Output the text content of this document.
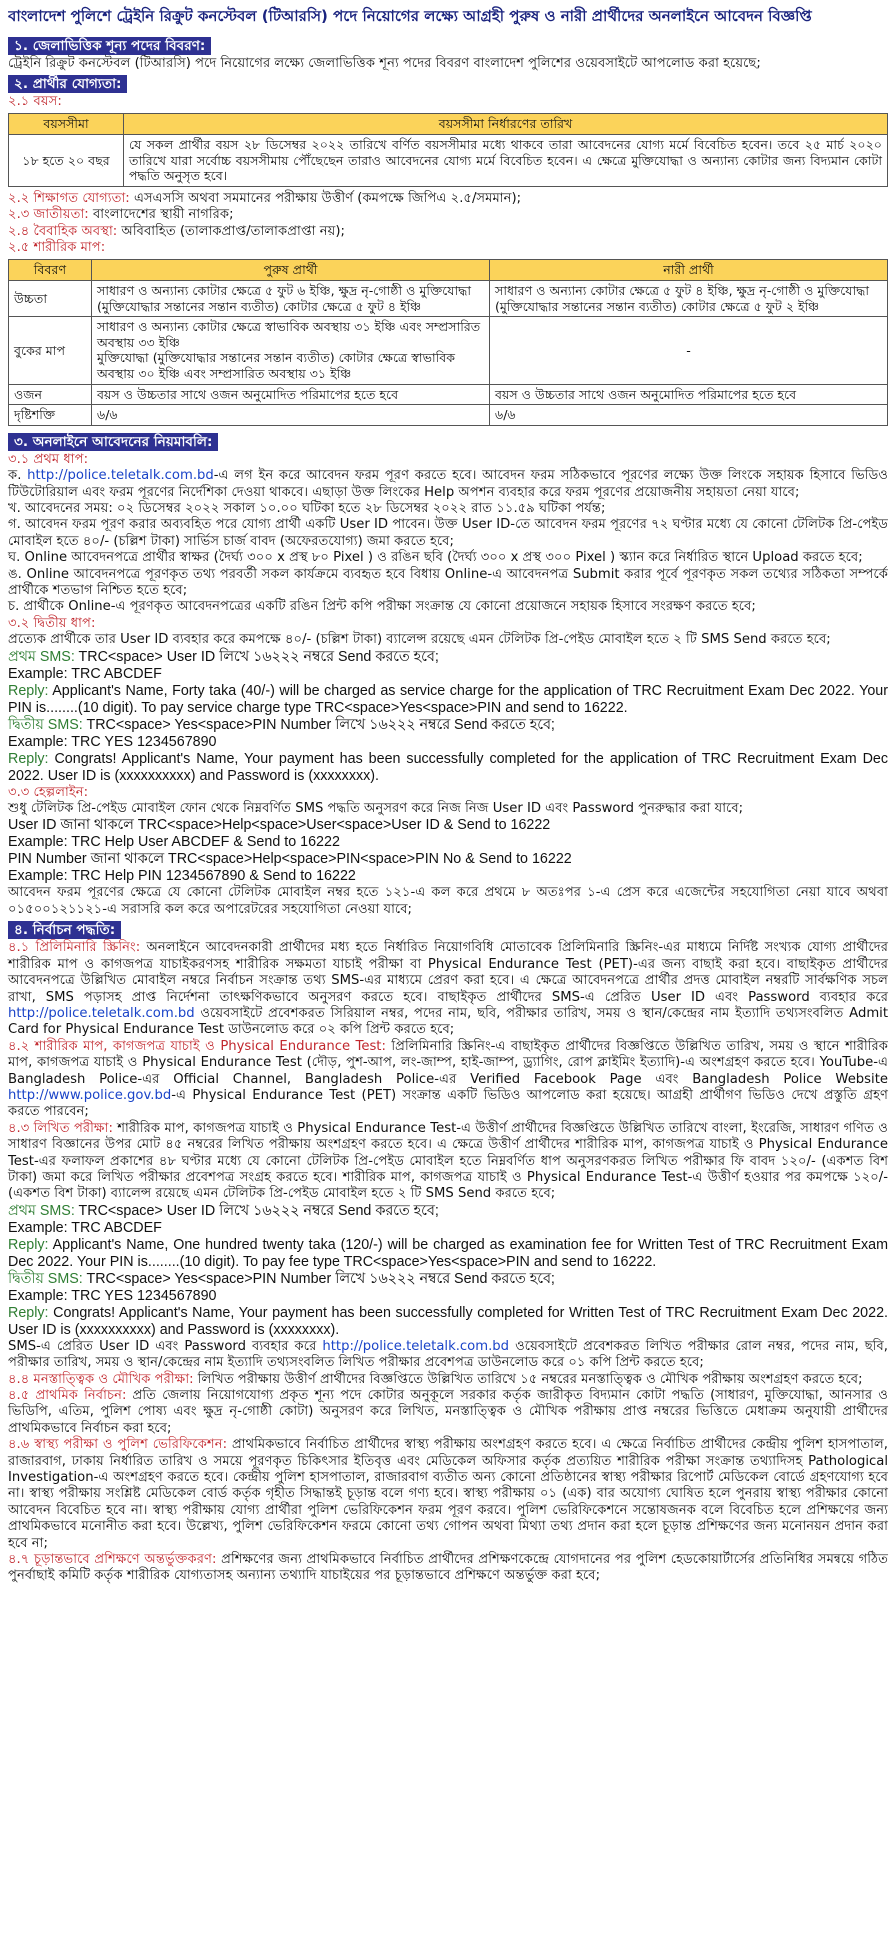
বাংলাদেশ পুলিশে ট্রেইনি রিক্রুট কনস্টেবল (টিআরসি) পদে নিয়োগের লক্ষ্যে আগ্রহী পুরুষ ও নারী প্রার্থীদের অনলাইনে আবেদন বিজ্ঞপ্তি
১. জেলাভিত্তিক শূন্য পদের বিবরণ:

ট্রেইনি রিক্রুট কনস্টেবল (টিআরসি) পদে নিয়োগের লক্ষ্যে জেলাভিত্তিক শূন্য পদের বিবরণ বাংলাদেশ পুলিশের ওয়েবসাইটে আপলোড করা হয়েছে;

২. প্রার্থীর যোগ্যতা:

২.১ বয়স:

বয়সসীমা	বয়সসীমা নির্ধারণের তারিখ
১৮ হতে ২০ বছর	যে সকল প্রার্থীর বয়স ২৮ ডিসেম্বর ২০২২ তারিখে বর্ণিত বয়সসীমার মধ্যে থাকবে তারা আবেদনের যোগ্য মর্মে বিবেচিত হবেন। তবে ২৫ মার্চ ২০২০ তারিখে যারা সর্বোচ্চ বয়সসীমায় পৌঁছেছেন তারাও আবেদনের যোগ্য মর্মে বিবেচিত হবেন। এ ক্ষেত্রে মুক্তিযোদ্ধা ও অন্যান্য কোটার জন্য বিদ্যমান কোটা পদ্ধতি অনুসৃত হবে।

২.২ শিক্ষাগত যোগ্যতা: এসএসসি অথবা সমমানের পরীক্ষায় উত্তীর্ণ (কমপক্ষে জিপিএ ২.৫/সমমান);

২.৩ জাতীয়তা: বাংলাদেশের স্থায়ী নাগরিক;

২.৪ বৈবাহিক অবস্থা: অবিবাহিত (তালাকপ্রাপ্ত/তালাকপ্রাপ্তা নয়);

২.৫ শারীরিক মাপ:

বিবরণ	পুরুষ প্রার্থী	নারী প্রার্থী
উচ্চতা	সাধারণ ও অন্যান্য কোটার ক্ষেত্রে ৫ ফুট ৬ ইঞ্চি, ক্ষুদ্র নৃ-গোষ্ঠী ও মুক্তিযোদ্ধা (মুক্তিযোদ্ধার সন্তানের সন্তান ব্যতীত) কোটার ক্ষেত্রে ৫ ফুট ৪ ইঞ্চি	সাধারণ ও অন্যান্য কোটার ক্ষেত্রে ৫ ফুট ৪ ইঞ্চি, ক্ষুদ্র নৃ-গোষ্ঠী ও মুক্তিযোদ্ধা (মুক্তিযোদ্ধার সন্তানের সন্তান ব্যতীত) কোটার ক্ষেত্রে ৫ ফুট ২ ইঞ্চি
বুকের মাপ	সাধারণ ও অন্যান্য কোটার ক্ষেত্রে স্বাভাবিক অবস্থায় ৩১ ইঞ্চি এবং সম্প্রসারিত অবস্থায় ৩৩ ইঞ্চি
মুক্তিযোদ্ধা (মুক্তিযোদ্ধার সন্তানের সন্তান ব্যতীত) কোটার ক্ষেত্রে স্বাভাবিক অবস্থায় ৩০ ইঞ্চি এবং সম্প্রসারিত অবস্থায় ৩১ ইঞ্চি	-
ওজন	বয়স ও উচ্চতার সাথে ওজন অনুমোদিত পরিমাপের হতে হবে	বয়স ও উচ্চতার সাথে ওজন অনুমোদিত পরিমাপের হতে হবে
দৃষ্টিশক্তি	৬/৬	৬/৬
৩. অনলাইনে আবেদনের নিয়মাবলি:

৩.১ প্রথম ধাপ:

ক. http://police.teletalk.com.bd-এ লগ ইন করে আবেদন ফরম পূরণ করতে হবে। আবেদন ফরম সঠিকভাবে পূরণের লক্ষ্যে উক্ত লিংকে সহায়ক হিসাবে ভিডিও টিউটোরিয়াল এবং ফরম পূরণের নির্দেশিকা দেওয়া থাকবে। এছাড়া উক্ত লিংকের Help অপশন ব্যবহার করে ফরম পূরণের প্রয়োজনীয় সহায়তা নেয়া যাবে;

খ. আবেদনের সময়: ০২ ডিসেম্বর ২০২২ সকাল ১০.০০ ঘটিকা হতে ২৮ ডিসেম্বর ২০২২ রাত ১১.৫৯ ঘটিকা পর্যন্ত;

গ. আবেদন ফরম পূরণ করার অব্যবহিত পরে যোগ্য প্রার্থী একটি User ID পাবেন। উক্ত User ID-তে আবেদন ফরম পূরণের ৭২ ঘণ্টার মধ্যে যে কোনো টেলিটক প্রি-পেইড মোবাইল হতে ৪০/- (চল্লিশ টাকা) সার্ভিস চার্জ বাবদ (অফেরতযোগ্য) জমা করতে হবে;

ঘ. Online আবেদনপত্রে প্রার্থীর স্বাক্ষর (দৈর্ঘ্য ৩০০ x প্রস্থ ৮০ Pixel ) ও রঙিন ছবি (দৈর্ঘ্য ৩০০ x প্রস্থ ৩০০ Pixel ) স্ক্যান করে নির্ধারিত স্থানে Upload করতে হবে;

ঙ. Online আবেদনপত্রে পূরণকৃত তথ্য পরবর্তী সকল কার্যক্রমে ব্যবহৃত হবে বিধায় Online-এ আবেদনপত্র Submit করার পূর্বে পূরণকৃত সকল তথ্যের সঠিকতা সম্পর্কে প্রার্থীকে শতভাগ নিশ্চিত হতে হবে;

চ. প্রার্থীকে Online-এ পূরণকৃত আবেদনপত্রের একটি রঙিন প্রিন্ট কপি পরীক্ষা সংক্রান্ত যে কোনো প্রয়োজনে সহায়ক হিসাবে সংরক্ষণ করতে হবে;

৩.২ দ্বিতীয় ধাপ:

প্রত্যেক প্রার্থীকে তার User ID ব্যবহার করে কমপক্ষে ৪০/- (চল্লিশ টাকা) ব্যালেন্স রয়েছে এমন টেলিটক প্রি-পেইড মোবাইল হতে ২ টি SMS Send করতে হবে;

প্রথম SMS: TRC<space> User ID লিখে ১৬২২২ নম্বরে Send করতে হবে;

Example: TRC ABCDEF

Reply: Applicant's Name, Forty taka (40/-) will be charged as service charge for the application of TRC Recruitment Exam Dec 2022. Your PIN is........(10 digit). To pay service charge type TRC<space>Yes<space>PIN and send to 16222.

দ্বিতীয় SMS: TRC<space> Yes<space>PIN Number লিখে ১৬২২২ নম্বরে Send করতে হবে;

Example: TRC YES 1234567890

Reply: Congrats! Applicant's Name, Your payment has been successfully completed for the application of TRC Recruitment Exam Dec 2022. User ID is (xxxxxxxxxx) and Password is (xxxxxxxx).

৩.৩ হেল্পলাইন:

শুধু টেলিটক প্রি-পেইড মোবাইল ফোন থেকে নিম্নবর্ণিত SMS পদ্ধতি অনুসরণ করে নিজ নিজ User ID এবং Password পুনরুদ্ধার করা যাবে;

User ID জানা থাকলে TRC<space>Help<space>User<space>User ID & Send to 16222

Example: TRC Help User ABCDEF & Send to 16222

PIN Number জানা থাকলে TRC<space>Help<space>PIN<space>PIN No & Send to 16222

Example: TRC Help PIN 1234567890 & Send to 16222

আবেদন ফরম পূরণের ক্ষেত্রে যে কোনো টেলিটক মোবাইল নম্বর হতে ১২১-এ কল করে প্রথমে ৮ অতঃপর ১-এ প্রেস করে এজেন্টের সহযোগিতা নেয়া যাবে অথবা ০১৫০০১২১১২১-এ সরাসরি কল করে অপারেটরের সহযোগিতা নেওয়া যাবে;

৪. নির্বাচন পদ্ধতি:

৪.১ প্রিলিমিনারি স্ক্রিনিং: অনলাইনে আবেদনকারী প্রার্থীদের মধ্য হতে নির্ধারিত নিয়োগবিধি মোতাবেক প্রিলিমিনারি স্ক্রিনিং-এর মাধ্যমে নির্দিষ্ট সংখ্যক যোগ্য প্রার্থীদের শারীরিক মাপ ও কাগজপত্র যাচাইকরণসহ শারীরিক সক্ষমতা যাচাই পরীক্ষা বা Physical Endurance Test (PET)-এর জন্য বাছাই করা হবে। বাছাইকৃত প্রার্থীদের আবেদনপত্রে উল্লিখিত মোবাইল নম্বরে নির্বাচন সংক্রান্ত তথ্য SMS-এর মাধ্যমে প্রেরণ করা হবে। এ ক্ষেত্রে আবেদনপত্রে প্রার্থীর প্রদত্ত মোবাইল নম্বরটি সার্বক্ষণিক সচল রাখা, SMS পড়াসহ প্রাপ্ত নির্দেশনা তাৎক্ষণিকভাবে অনুসরণ করতে হবে। বাছাইকৃত প্রার্থীদের SMS-এ প্রেরিত User ID এবং Password ব্যবহার করে http://police.teletalk.com.bd ওয়েবসাইটে প্রবেশকরত সিরিয়াল নম্বর, পদের নাম, ছবি, পরীক্ষার তারিখ, সময় ও স্থান/কেন্দ্রের নাম ইত্যাদি তথ্যসংবলিত Admit Card for Physical Endurance Test ডাউনলোড করে ০২ কপি প্রিন্ট করতে হবে;

৪.২ শারীরিক মাপ, কাগজপত্র যাচাই ও Physical Endurance Test: প্রিলিমিনারি স্ক্রিনিং-এ বাছাইকৃত প্রার্থীদের বিজ্ঞপ্তিতে উল্লিখিত তারিখ, সময় ও স্থানে শারীরিক মাপ, কাগজপত্র যাচাই ও Physical Endurance Test (দৌড়, পুশ-আপ, লং-জাম্প, হাই-জাম্প, ড্র্যাগিং, রোপ ক্লাইমিং ইত্যাদি)-এ অংশগ্রহণ করতে হবে। YouTube-এ Bangladesh Police-এর Official Channel, Bangladesh Police-এর Verified Facebook Page এবং Bangladesh Police Website http://www.police.gov.bd-এ Physical Endurance Test (PET) সংক্রান্ত একটি ভিডিও আপলোড করা হয়েছে। আগ্রহী প্রার্থীগণ ভিডিও দেখে প্রস্তুতি গ্রহণ করতে পারবেন;

৪.৩ লিখিত পরীক্ষা: শারীরিক মাপ, কাগজপত্র যাচাই ও Physical Endurance Test-এ উত্তীর্ণ প্রার্থীদের বিজ্ঞপ্তিতে উল্লিখিত তারিখে বাংলা, ইংরেজি, সাধারণ গণিত ও সাধারণ বিজ্ঞানের উপর মোট ৪৫ নম্বরের লিখিত পরীক্ষায় অংশগ্রহণ করতে হবে। এ ক্ষেত্রে উত্তীর্ণ প্রার্থীদের শারীরিক মাপ, কাগজপত্র যাচাই ও Physical Endurance Test-এর ফলাফল প্রকাশের ৪৮ ঘণ্টার মধ্যে যে কোনো টেলিটক প্রি-পেইড মোবাইল হতে নিম্নবর্ণিত ধাপ অনুসরণকরত লিখিত পরীক্ষার ফি বাবদ ১২০/- (একশত বিশ টাকা) জমা করে লিখিত পরীক্ষার প্রবেশপত্র সংগ্রহ করতে হবে। শারীরিক মাপ, কাগজপত্র যাচাই ও Physical Endurance Test-এ উত্তীর্ণ হওয়ার পর কমপক্ষে ১২০/- (একশত বিশ টাকা) ব্যালেন্স রয়েছে এমন টেলিটক প্রি-পেইড মোবাইল হতে ২ টি SMS Send করতে হবে;

প্রথম SMS: TRC<space> User ID লিখে ১৬২২২ নম্বরে Send করতে হবে;

Example: TRC ABCDEF

Reply: Applicant's Name, One hundred twenty taka (120/-) will be charged as examination fee for Written Test of TRC Recruitment Exam Dec 2022. Your PIN is........(10 digit). To pay fee type TRC<space>Yes<space>PIN and send to 16222.

দ্বিতীয় SMS: TRC<space> Yes<space>PIN Number লিখে ১৬২২২ নম্বরে Send করতে হবে;

Example: TRC YES 1234567890

Reply: Congrats! Applicant's Name, Your payment has been successfully completed for Written Test of TRC Recruitment Exam Dec 2022. User ID is (xxxxxxxxxx) and Password is (xxxxxxxx).

SMS-এ প্রেরিত User ID এবং Password ব্যবহার করে http://police.teletalk.com.bd ওয়েবসাইটে প্রবেশকরত লিখিত পরীক্ষার রোল নম্বর, পদের নাম, ছবি, পরীক্ষার তারিখ, সময় ও স্থান/কেন্দ্রের নাম ইত্যাদি তথ্যসংবলিত লিখিত পরীক্ষার প্রবেশপত্র ডাউনলোড করে ০১ কপি প্রিন্ট করতে হবে;

৪.৪ মনস্তাত্ত্বিক ও মৌখিক পরীক্ষা: লিখিত পরীক্ষায় উত্তীর্ণ প্রার্থীদের বিজ্ঞপ্তিতে উল্লিখিত তারিখে ১৫ নম্বরের মনস্তাত্ত্বিক ও মৌখিক পরীক্ষায় অংশগ্রহণ করতে হবে;

৪.৫ প্রাথমিক নির্বাচন: প্রতি জেলায় নিয়োগযোগ্য প্রকৃত শূন্য পদে কোটার অনুকূলে সরকার কর্তৃক জারীকৃত বিদ্যমান কোটা পদ্ধতি (সাধারণ, মুক্তিযোদ্ধা, আনসার ও ভিডিপি, এতিম, পুলিশ পোষ্য এবং ক্ষুদ্র নৃ-গোষ্ঠী কোটা) অনুসরণ করে লিখিত, মনস্তাত্ত্বিক ও মৌখিক পরীক্ষায় প্রাপ্ত নম্বরের ভিত্তিতে মেধাক্রম অনুযায়ী প্রার্থীদের প্রাথমিকভাবে নির্বাচন করা হবে;

৪.৬ স্বাস্থ্য পরীক্ষা ও পুলিশ ভেরিফিকেশন: প্রাথমিকভাবে নির্বাচিত প্রার্থীদের স্বাস্থ্য পরীক্ষায় অংশগ্রহণ করতে হবে। এ ক্ষেত্রে নির্বাচিত প্রার্থীদের কেন্দ্রীয় পুলিশ হাসপাতাল, রাজারবাগ, ঢাকায় নির্ধারিত তারিখ ও সময়ে পূরণকৃত চিকিৎসার ইতিবৃত্ত এবং মেডিকেল অফিসার কর্তৃক প্রত্যয়িত শারীরিক পরীক্ষা সংক্রান্ত তথ্যাদিসহ Pathological Investigation-এ অংশগ্রহণ করতে হবে। কেন্দ্রীয় পুলিশ হাসপাতাল, রাজারবাগ ব্যতীত অন্য কোনো প্রতিষ্ঠানের স্বাস্থ্য পরীক্ষার রিপোর্ট মেডিকেল বোর্ডে গ্রহণযোগ্য হবে না। স্বাস্থ্য পরীক্ষায় সংশ্লিষ্ট মেডিকেল বোর্ড কর্তৃক গৃহীত সিদ্ধান্তই চূড়ান্ত বলে গণ্য হবে। স্বাস্থ্য পরীক্ষায় ০১ (এক) বার অযোগ্য ঘোষিত হলে পুনরায় স্বাস্থ্য পরীক্ষার কোনো আবেদন বিবেচিত হবে না। স্বাস্থ্য পরীক্ষায় যোগ্য প্রার্থীরা পুলিশ ভেরিফিকেশন ফরম পূরণ করবে। পুলিশ ভেরিফিকেশনে সন্তোষজনক বলে বিবেচিত হলে প্রশিক্ষণের জন্য প্রাথমিকভাবে মনোনীত করা হবে। উল্লেখ্য, পুলিশ ভেরিফিকেশন ফরমে কোনো তথ্য গোপন অথবা মিথ্যা তথ্য প্রদান করা হলে চূড়ান্ত প্রশিক্ষণের জন্য মনোনয়ন প্রদান করা হবে না;

৪.৭ চূড়ান্তভাবে প্রশিক্ষণে অন্তর্ভুক্তকরণ: প্রশিক্ষণের জন্য প্রাথমিকভাবে নির্বাচিত প্রার্থীদের প্রশিক্ষণকেন্দ্রে যোগদানের পর পুলিশ হেডকোয়ার্টার্সের প্রতিনিধির সমন্বয়ে গঠিত পুনর্বাছাই কমিটি কর্তৃক শারীরিক যোগ্যতাসহ অন্যান্য তথ্যাদি যাচাইয়ের পর চূড়ান্তভাবে প্রশিক্ষণে অন্তর্ভুক্ত করা হবে;
